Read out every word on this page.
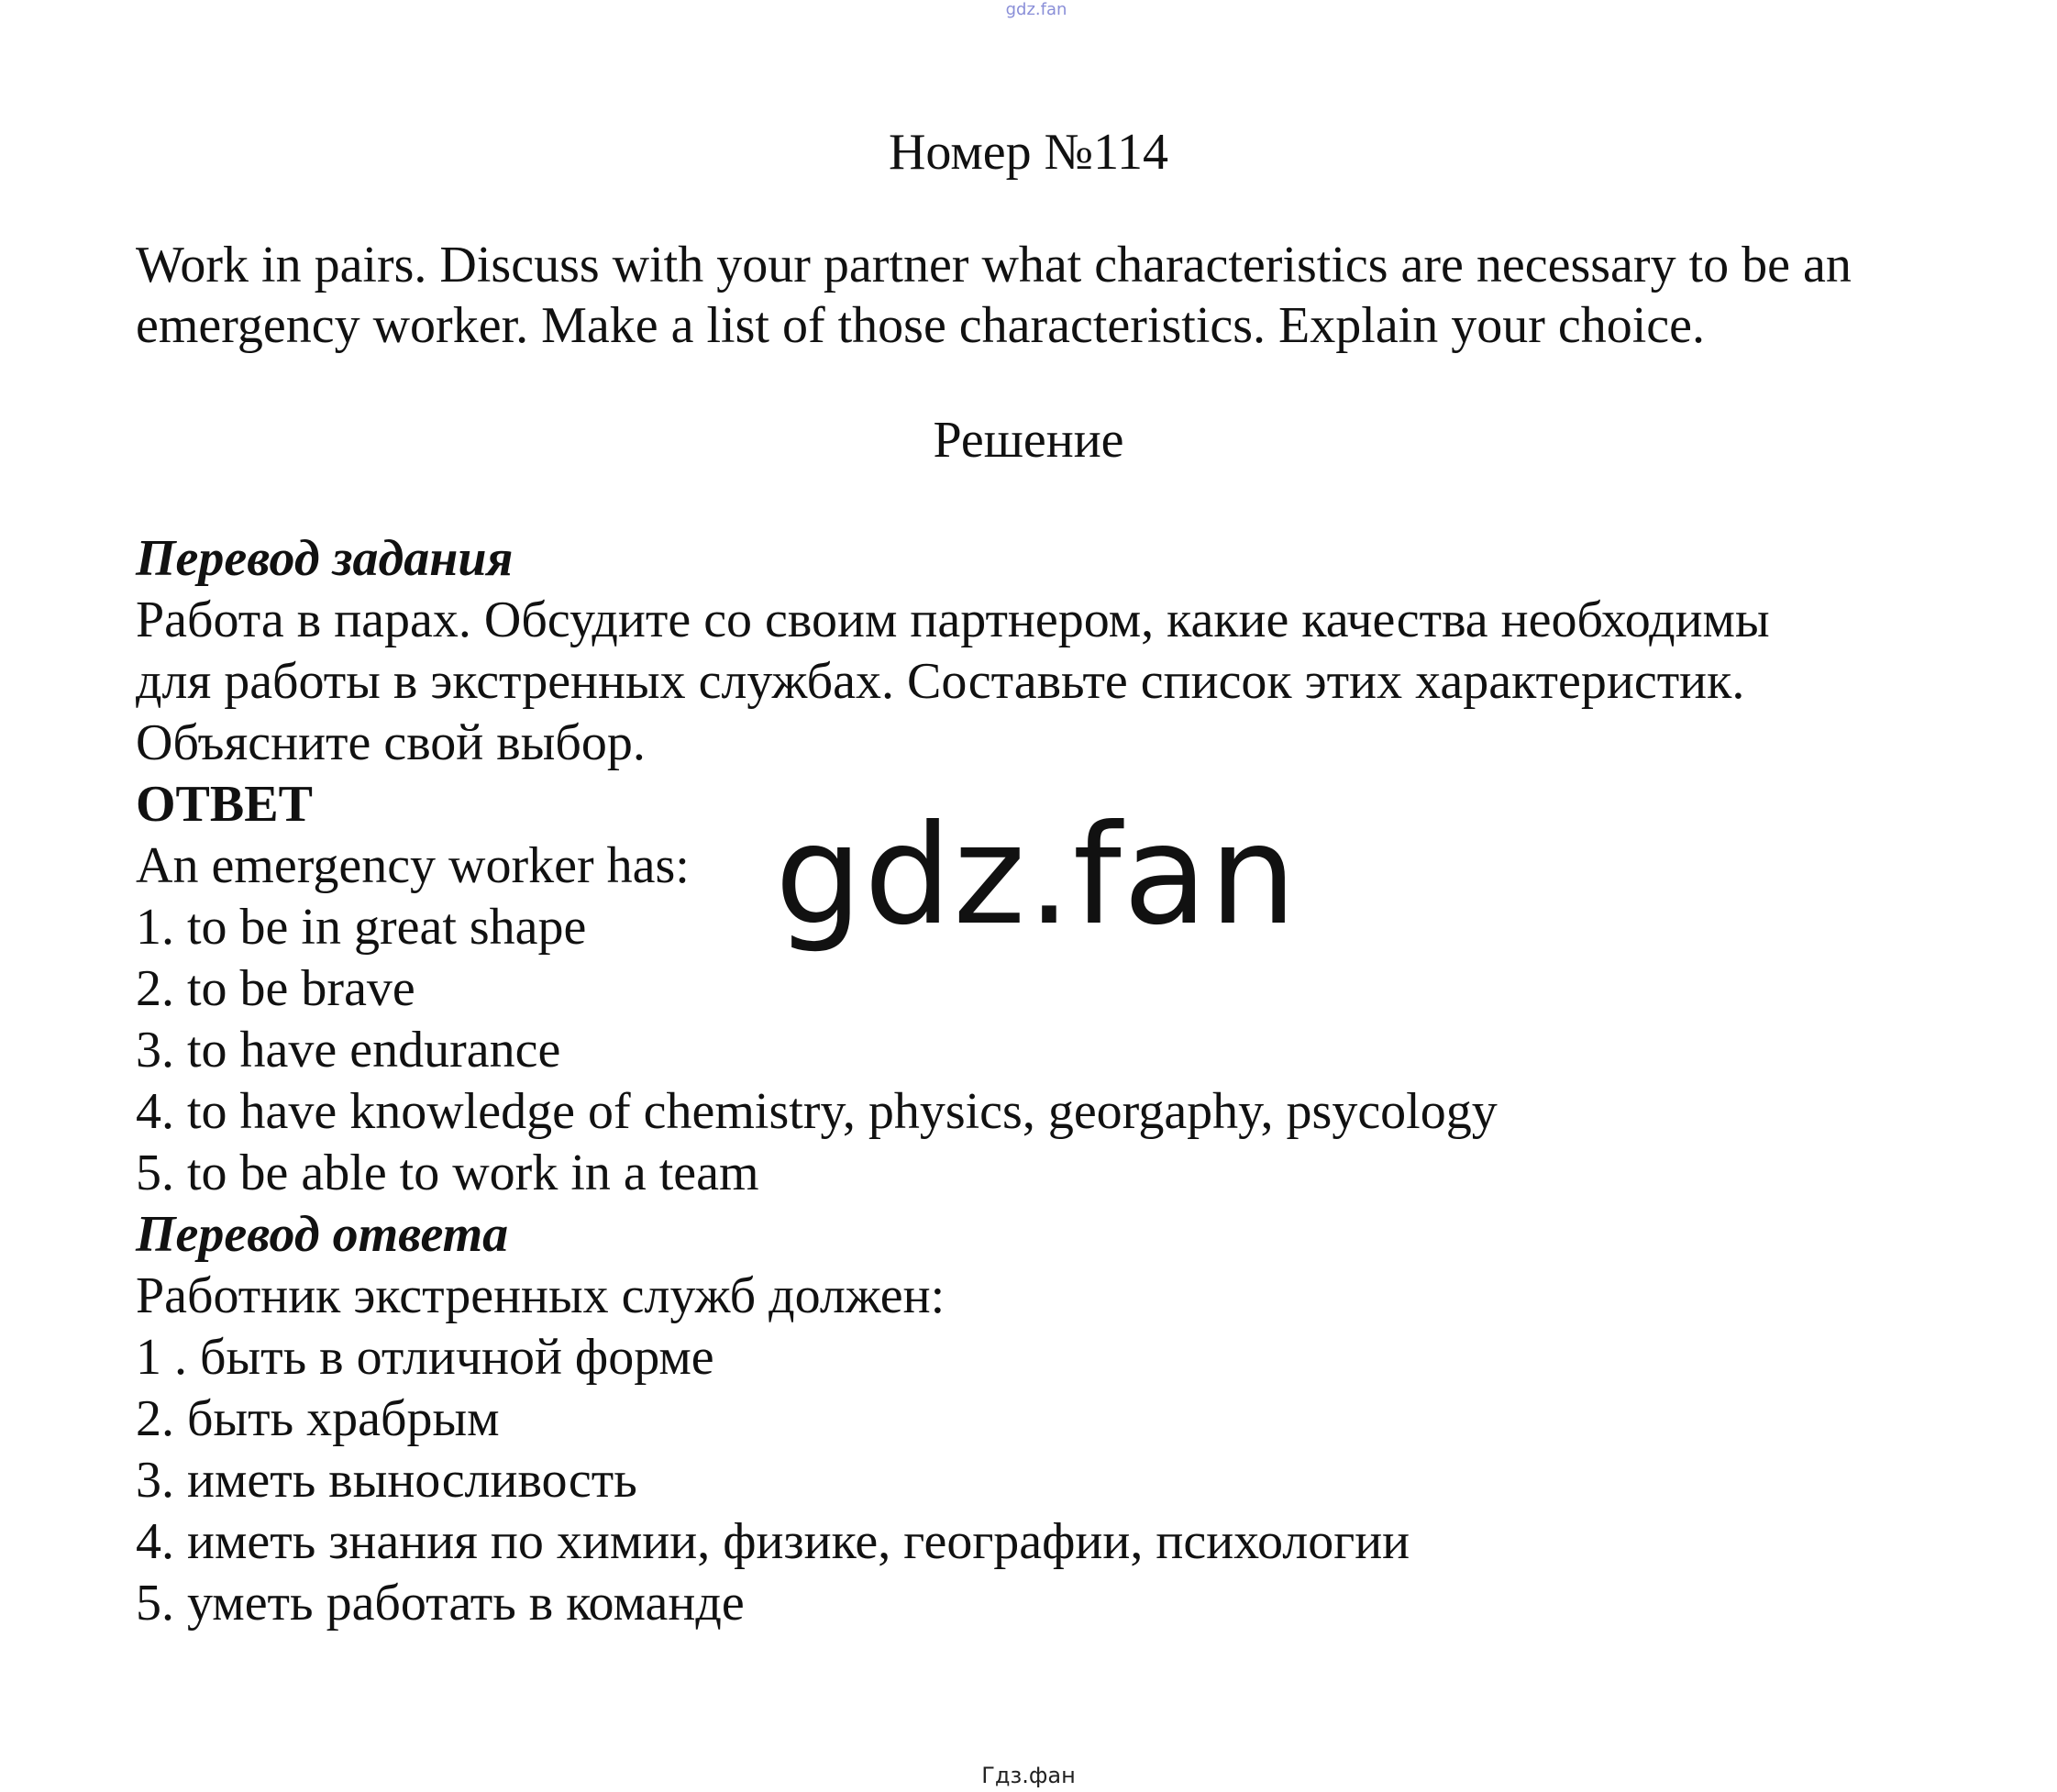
gdz.fan
Номер №114
Work in pairs. Discuss with your partner what characteristics are necessary to be an emergency worker. Make a list of those characteristics. Explain your choice.
Решение
Перевод задания
Работа в парах. Обсудите со своим партнером, какие качества необходимы
для работы в экстренных службах. Составьте список этих характеристик.
Объясните свой выбор.
ОТВЕТ
An emergency worker has:
1. to be in great shape
2. to be brave
3. to have endurance
4. to have knowledge of chemistry, physics, georgaphy, psycology
5. to be able to work in a team
Перевод ответа
Работник экстренных служб должен:
1 . быть в отличной форме
2. быть храбрым
3. иметь выносливость
4. иметь знания по химии, физике, географии, психологии
5. уметь работать в команде
gdz.fan
Гдз.фан
